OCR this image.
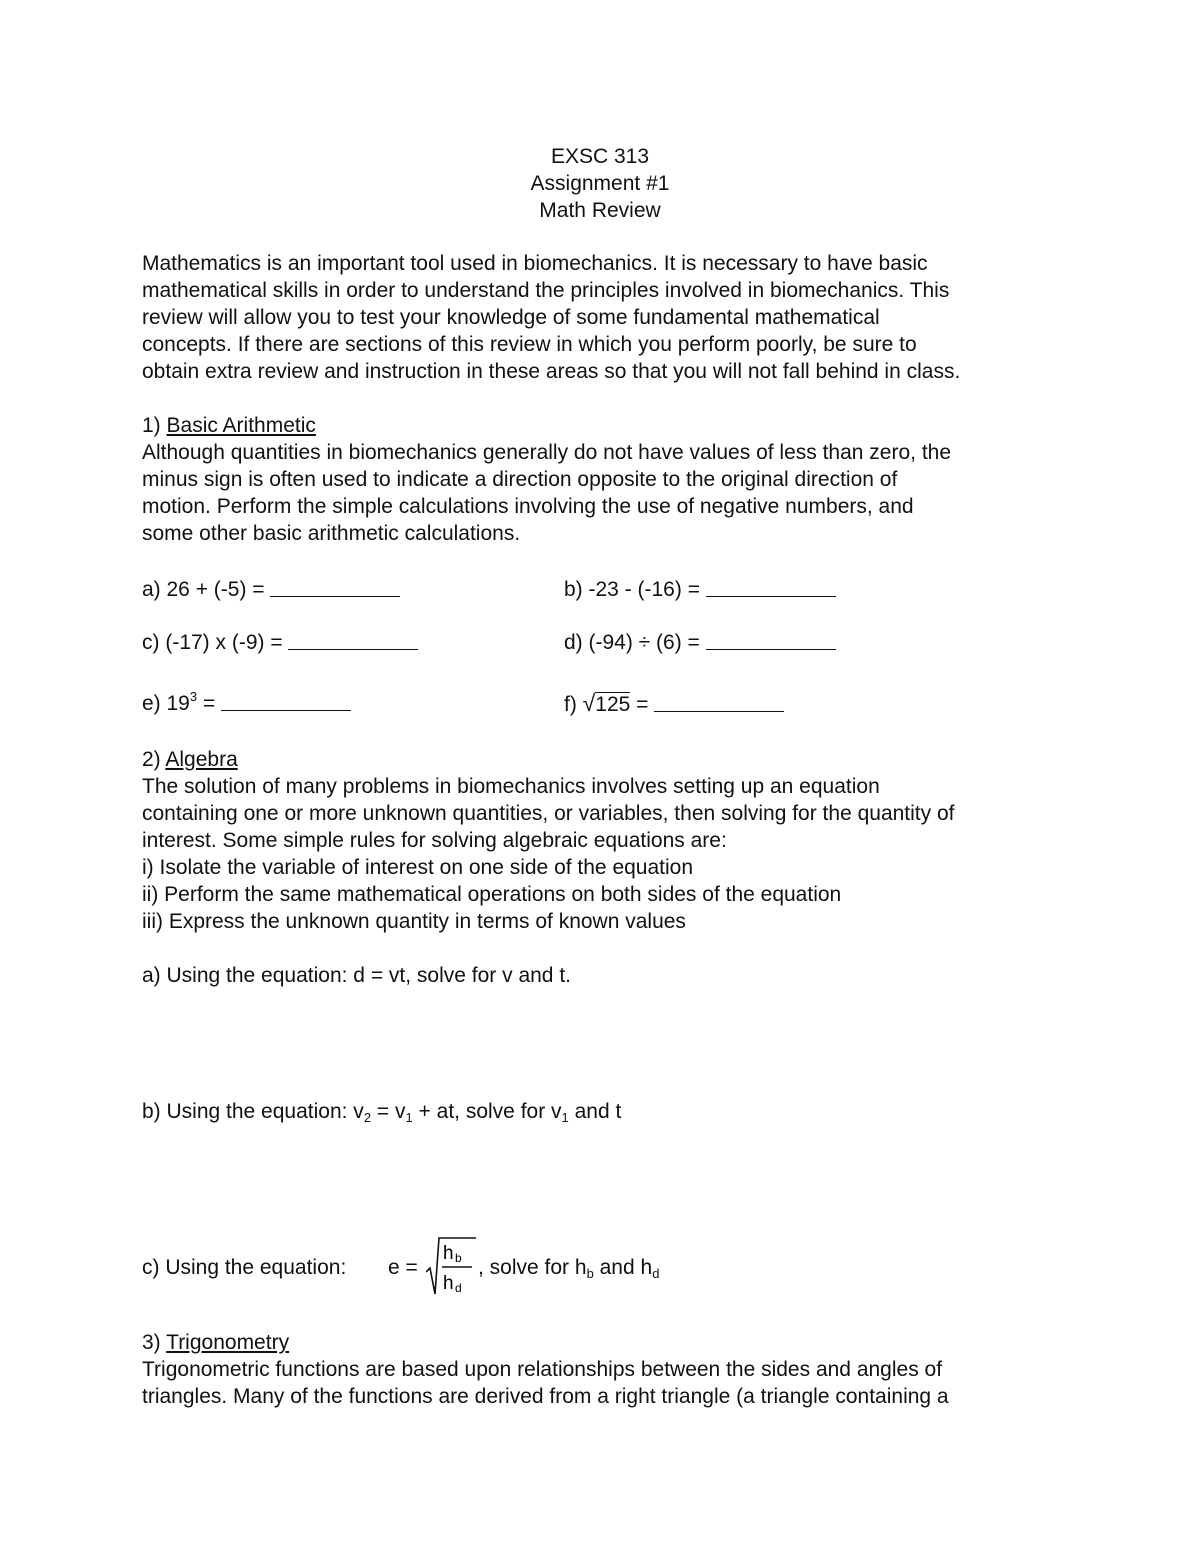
EXSC 313
Assignment #1
Math Review
Mathematics is an important tool used in biomechanics. It is necessary to have basic
mathematical skills in order to understand the principles involved in biomechanics. This
review will allow you to test your knowledge of some fundamental mathematical
concepts. If there are sections of this review in which you perform poorly, be sure to
obtain extra review and instruction in these areas so that you will not fall behind in class.
1) Basic Arithmetic
Although quantities in biomechanics generally do not have values of less than zero, the
minus sign is often used to indicate a direction opposite to the original direction of
motion. Perform the simple calculations involving the use of negative numbers, and
some other basic arithmetic calculations.
a) 26 + (-5) =	b) -23 - (-16) =
c) (-17) x (-9) =	d) (-94) ÷ (6) =
e) $19^3$ =	f) √125 =
2) Algebra
The solution of many problems in biomechanics involves setting up an equation
containing one or more unknown quantities, or variables, then solving for the quantity of
interest. Some simple rules for solving algebraic equations are:
i) Isolate the variable of interest on one side of the equation
ii) Perform the same mathematical operations on both sides of the equation
iii) Express the unknown quantity in terms of known values
a) Using the equation: d = vt, solve for v and t.
b) Using the equation: $v_2 = v_1$ + at, solve for $v_1$ and t
c) Using the equation: e =
h b
h d
, solve for $h_b$ and $h_d$
3) Trigonometry
Trigonometric functions are based upon relationships between the sides and angles of
triangles. Many of the functions are derived from a right triangle (a triangle containing a
